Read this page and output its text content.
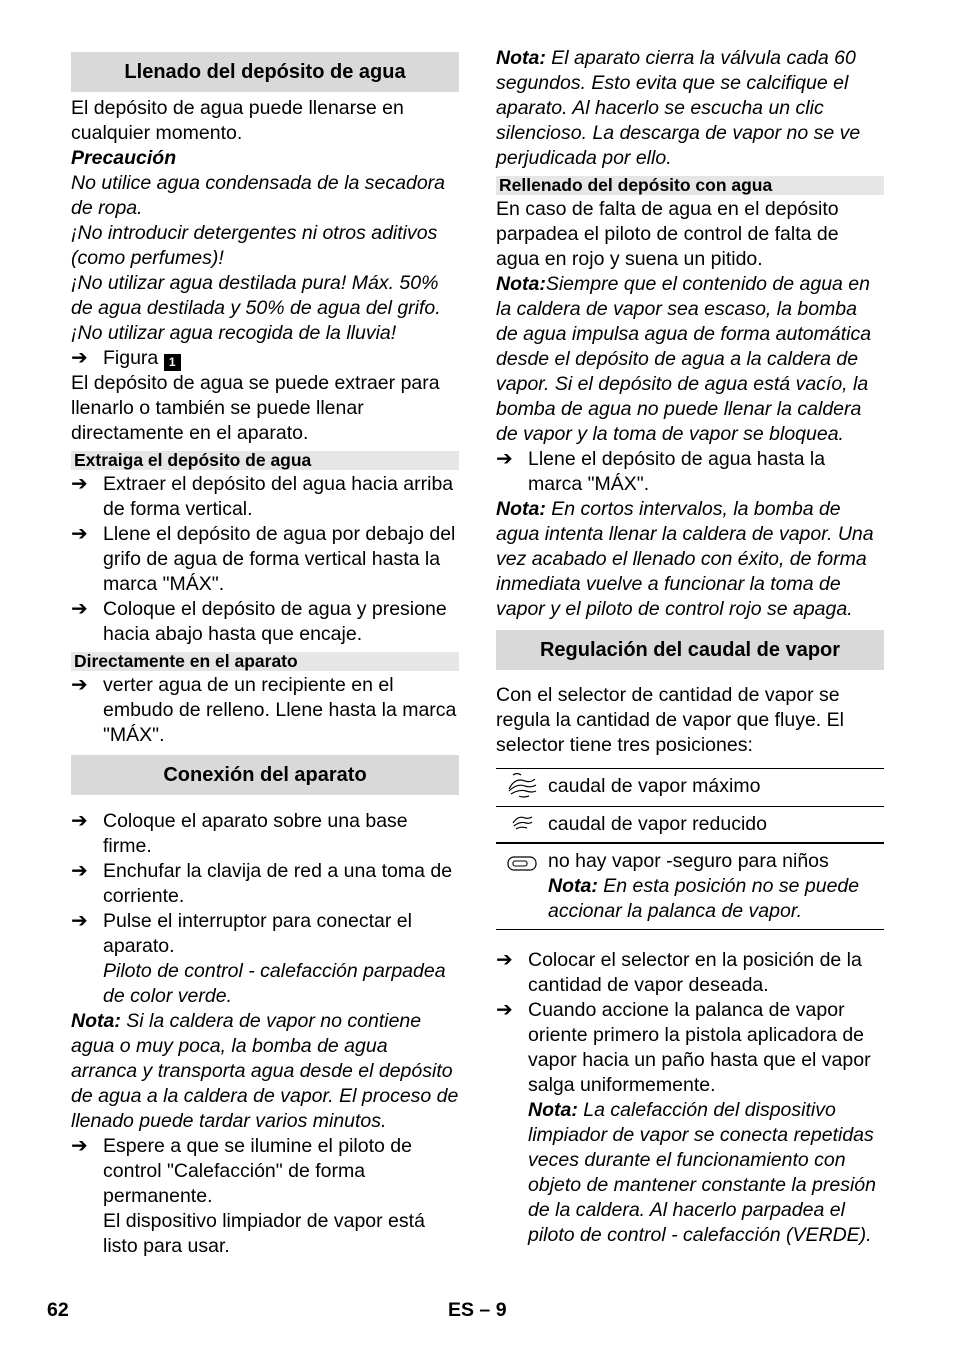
Llenado del depósito de agua

El depósito de agua puede llenarse en cualquier momento.

Precaución

No utilice agua condensada de la secadora de ropa.

¡No introducir detergentes ni otros aditivos (como perfumes)!

¡No utilizar agua destilada pura! Máx. 50% de agua destilada y 50% de agua del grifo.

¡No utilizar agua recogida de la lluvia!

➔ Figura 1

El depósito de agua se puede extraer para llenarlo o también se puede llenar directamente en el aparato.

Extraiga el depósito de agua
➔ Extraer el depósito del agua hacia arriba de forma vertical.
➔ Llene el depósito de agua por debajo del grifo de agua de forma vertical hasta la marca "MÁX".
➔ Coloque el depósito de agua y presione hacia abajo hasta que encaje.
Directamente en el aparato
➔ verter agua de un recipiente en el embudo de relleno. Llene hasta la marca "MÁX".
Conexión del aparato
➔ Coloque el aparato sobre una base firme.
➔ Enchufar la clavija de red a una toma de corriente.
➔ Pulse el interruptor para conectar el aparato.
Piloto de control - calefacción parpadea de color verde.

Nota: Si la caldera de vapor no contiene agua o muy poca, la bomba de agua arranca y transporta agua desde el depósito de agua a la caldera de vapor. El proceso de llenado puede tardar varios minutos.

➔ Espere a que se ilumine el piloto de control "Calefacción" de forma permanente.
El dispositivo limpiador de vapor está listo para usar.

Nota: El aparato cierra la válvula cada 60 segundos. Esto evita que se calcifique el aparato. Al hacerlo se escucha un clic silencioso. La descarga de vapor no se ve perjudicada por ello.

Rellenado del depósito con agua

En caso de falta de agua en el depósito parpadea el piloto de control de falta de agua en rojo y suena un pitido.

Nota:Siempre que el contenido de agua en la caldera de vapor sea escaso, la bomba de agua impulsa agua de forma automática desde el depósito de agua a la caldera de vapor. Si el depósito de agua está vacío, la bomba de agua no puede llenar la caldera de vapor y la toma de vapor se bloquea.

➔ Llene el depósito de agua hasta la marca "MÁX".

Nota: En cortos intervalos, la bomba de agua intenta llenar la caldera de vapor. Una vez acabado el llenado con éxito, de forma inmediata vuelve a funcionar la toma de vapor y el piloto de control rojo se apaga.

Regulación del caudal de vapor

Con el selector de cantidad de vapor se regula la cantidad de vapor que fluye. El selector tiene tres posiciones:

	caudal de vapor máximo
	caudal de vapor reducido

no hay vapor -seguro para niños
Nota: En esta posición no se puede accionar la palanca de vapor.
➔ Colocar el selector en la posición de la cantidad de vapor deseada.
➔ Cuando accione la palanca de vapor oriente primero la pistola aplicadora de vapor hacia un paño hasta que el vapor salga uniformemente.
Nota: La calefacción del dispositivo limpiador de vapor se conecta repetidas veces durante el funcionamiento con objeto de mantener constante la presión de la caldera. Al hacerlo parpadea el piloto de control - calefacción (VERDE).
62	ES – 9
